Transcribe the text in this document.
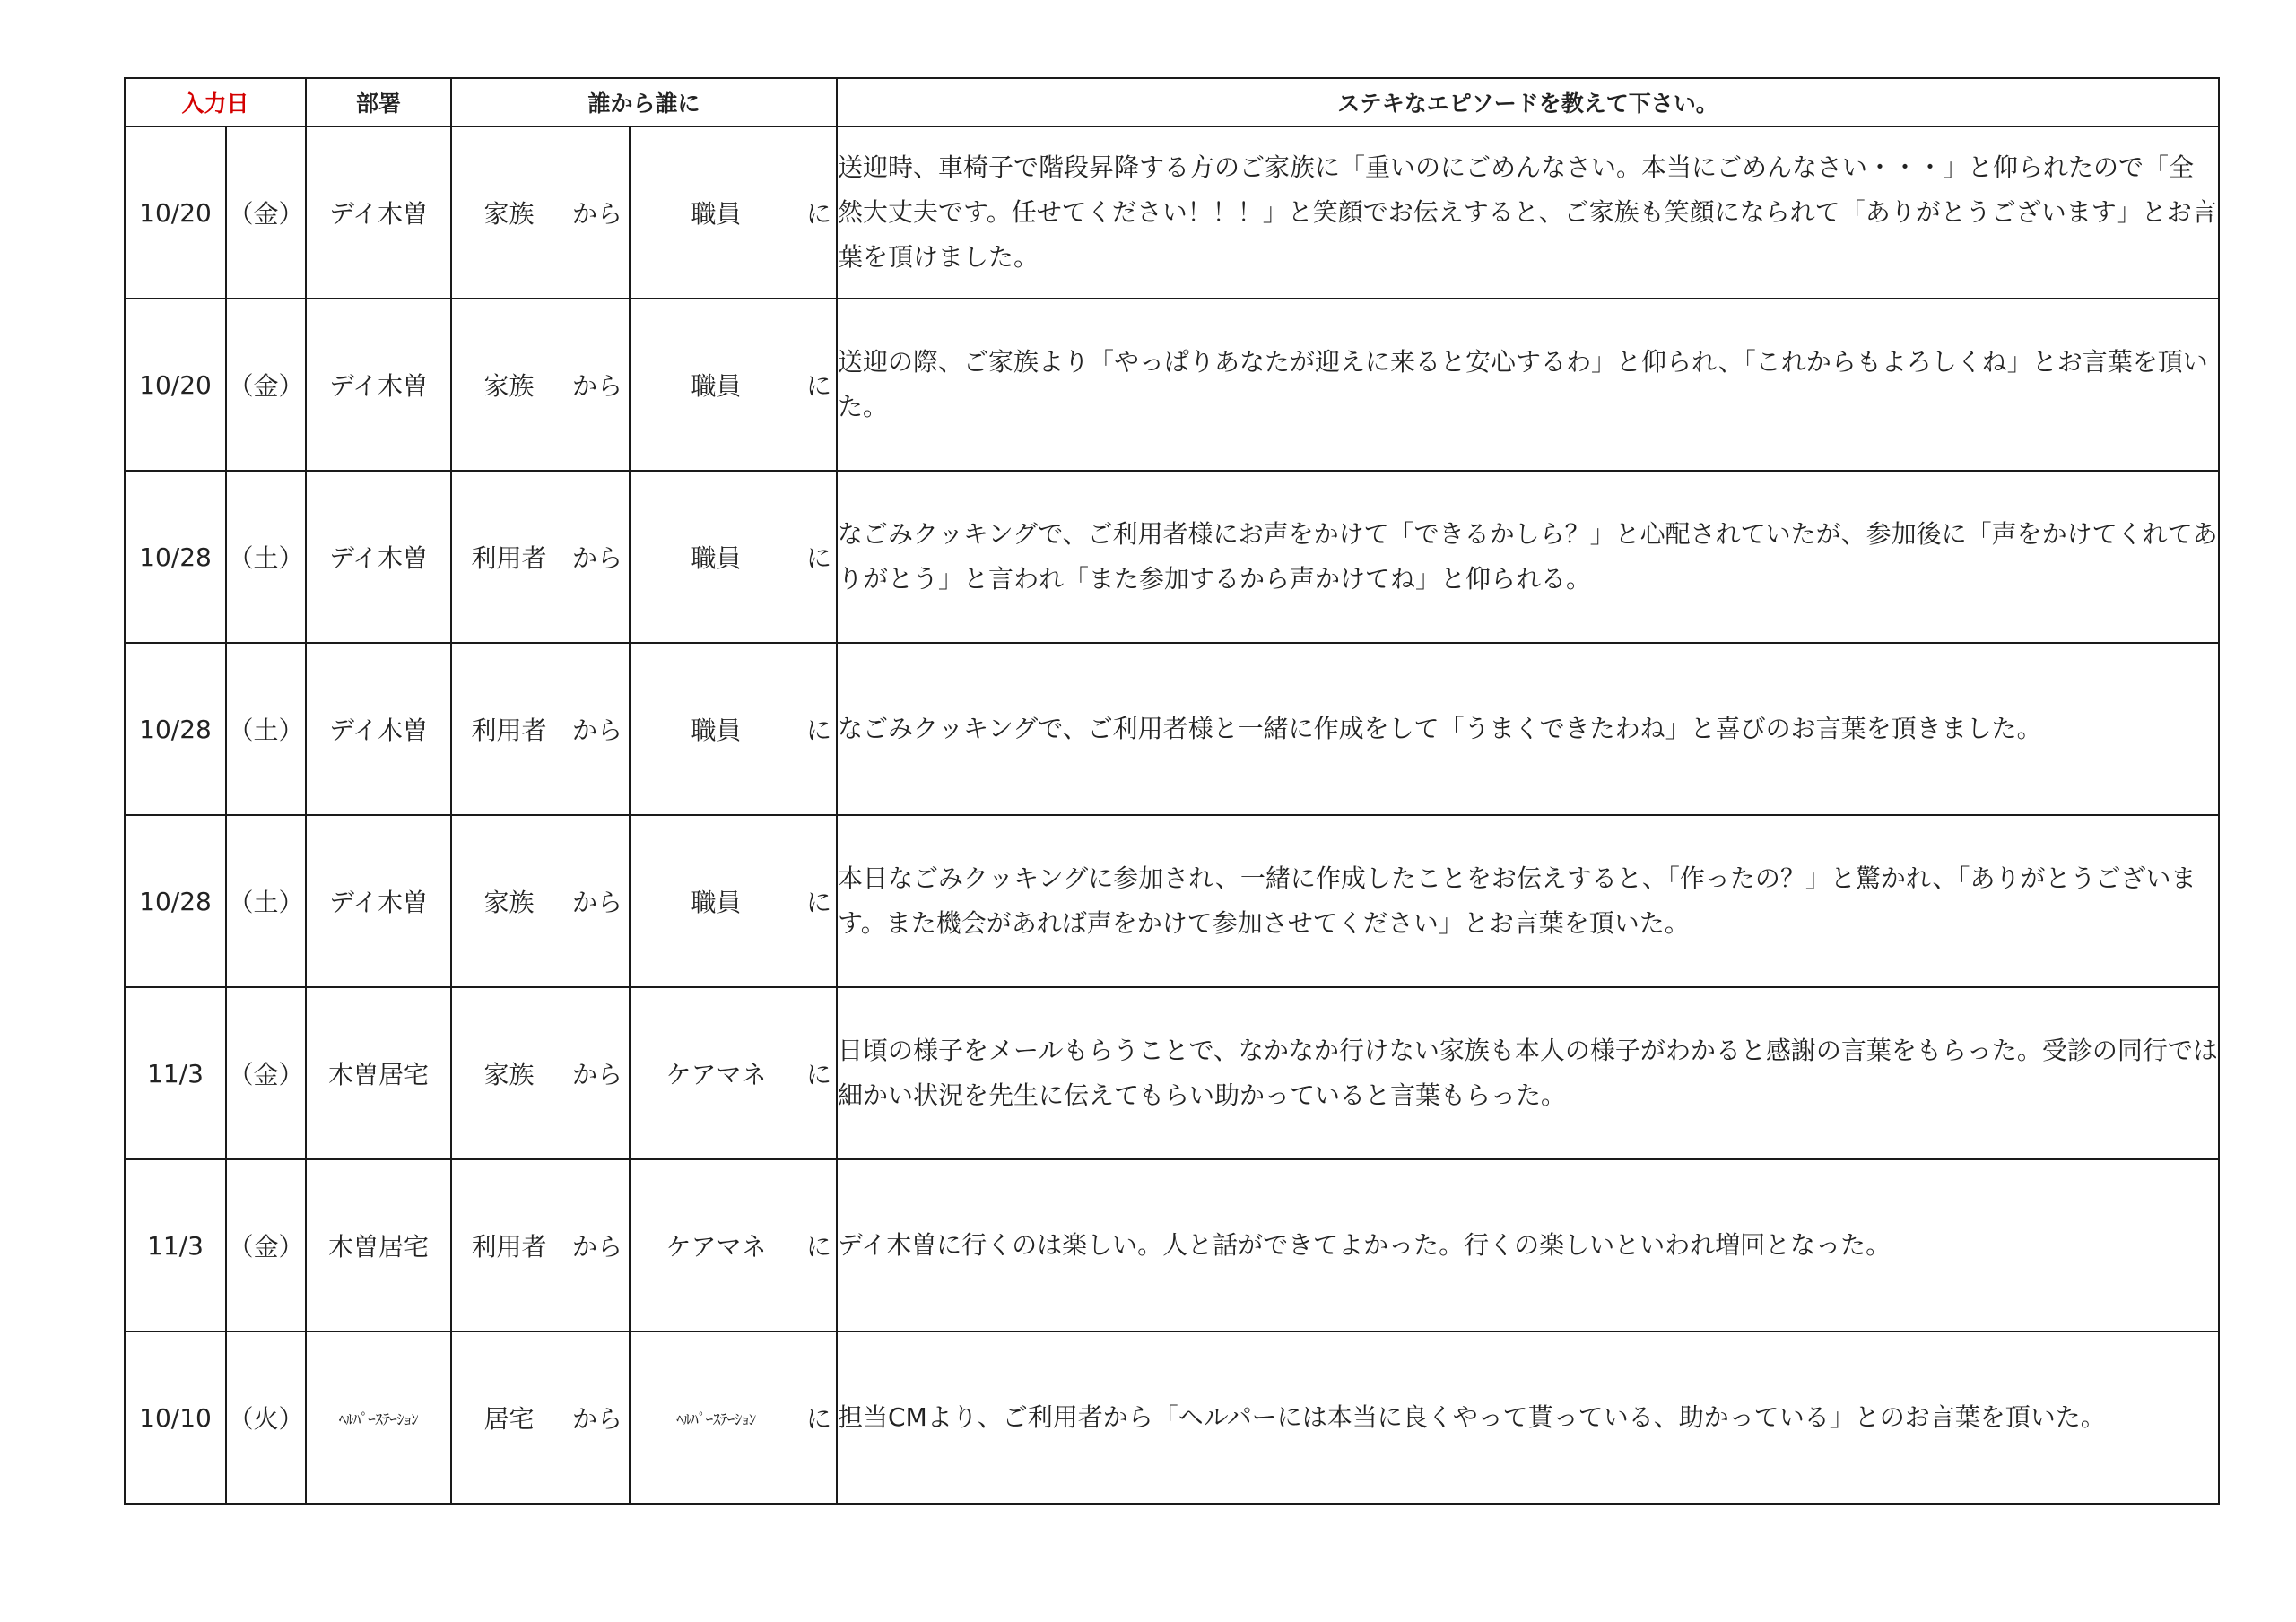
入力日		部署	誰から誰に				ステキなエピソードを教えて下さい。
10/20	（金）	デイ木曽	家族	から	職員	に	送迎時、車椅子で階段昇降する方のご家族に「重いのにごめんなさい。本当にごめんなさい・・・」と仰られたので「全然大丈夫です。任せてください！！！」と笑顔でお伝えすると、ご家族も笑顔になられて「ありがとうございます」とお言葉を頂けました。
10/20	（金）	デイ木曽	家族	から	職員	に	送迎の際、ご家族より「やっぱりあなたが迎えに来ると安心するわ」と仰られ、「これからもよろしくね」とお言葉を頂いた。
10/28	（土）	デイ木曽	利用者	から	職員	に	なごみクッキングで、ご利用者様にお声をかけて「できるかしら？」と心配されていたが、参加後に「声をかけてくれてありがとう」と言われ「また参加するから声かけてね」と仰られる。
10/28	（土）	デイ木曽	利用者	から	職員	に	なごみクッキングで、ご利用者様と一緒に作成をして「うまくできたわね」と喜びのお言葉を頂きました。
10/28	（土）	デイ木曽	家族	から	職員	に	本日なごみクッキングに参加され、一緒に作成したことをお伝えすると、「作ったの？」と驚かれ、「ありがとうございます。また機会があれば声をかけて参加させてください」とお言葉を頂いた。
11/3	（金）	木曽居宅	家族	から	ケアマネ	に	日頃の様子をメールもらうことで、なかなか行けない家族も本人の様子がわかると感謝の言葉をもらった。受診の同行では細かい状況を先生に伝えてもらい助かっていると言葉もらった。
11/3	（金）	木曽居宅	利用者	から	ケアマネ	に	デイ木曽に行くのは楽しい。人と話ができてよかった。行くの楽しいといわれ増回となった。
10/10	（火）	ﾍﾙﾊﾟｰｽﾃｰｼｮﾝ	居宅	から	ﾍﾙﾊﾟｰｽﾃｰｼｮﾝ	に	担当CMより、ご利用者から「ヘルパーには本当に良くやって貰っている、助かっている」とのお言葉を頂いた。
